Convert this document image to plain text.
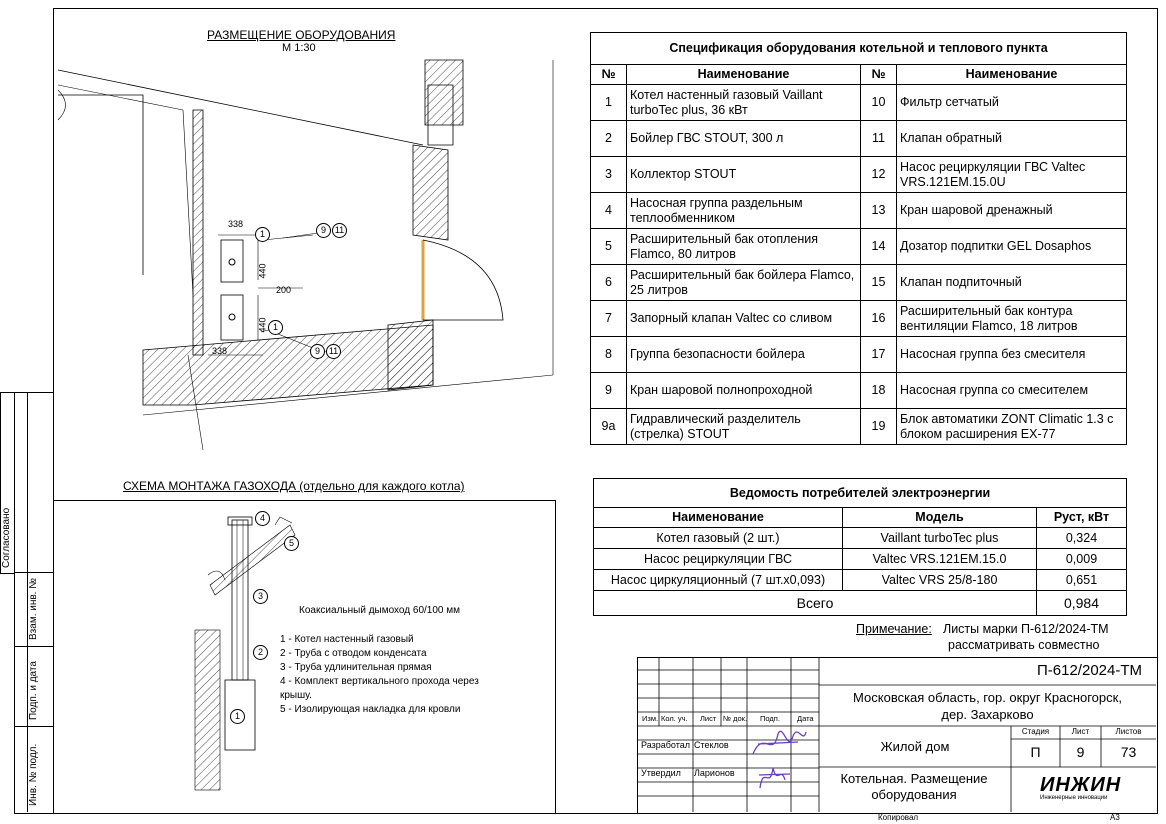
Согласовано
Взам. инв. №
Подп. и дата
Инв. № подл.
РАЗМЕЩЕНИЕ ОБОРУДОВАНИЯ
М 1:30
338
440
200
440
338
1	9 11
1
9 11
СХЕМА МОНТАЖА ГАЗОХОДА (отдельно для каждого котла)
4
5
3
2
1
Коаксиальный дымоход 60/100 мм
1 - Котел настенный газовый
2 - Труба с отводом конденсата
3 - Труба удлинительная прямая
4 - Комплект вертикального прохода через крышу.
5 - Изолирующая накладка для кровли
Спецификация оборудования котельной и теплового пункта			
№	Наименование	№	Наименование
1	Котел настенный газовый Vaillant turboTec plus, 36 кВт	10	Фильтр сетчатый
2	Бойлер ГВС STOUT, 300 л	11	Клапан обратный
3	Коллектор STOUT	12	Насос рециркуляции ГВС Valtec VRS.121EM.15.0U
4	Насосная группа раздельным теплообменником	13	Кран шаровой дренажный
5	Расширительный бак отопления Flamco, 80 литров	14	Дозатор подпитки GEL Dosaphos
6	Расширительный бак бойлера Flamco, 25 литров	15	Клапан подпиточный
7	Запорный клапан Valtec со сливом	16	Расширительный бак контура вентиляции Flamco, 18 литров
8	Группа безопасности бойлера	17	Насосная группа без смесителя
9	Кран шаровой полнопроходной	18	Насосная группа со смесителем
9а	Гидравлический разделитель (стрелка) STOUT	19	Блок автоматики ZONT Climatic 1.3 с блоком расширения EX-77
Ведомость потребителей электроэнергии		
Наименование	Модель	Руст, кВт
Котел газовый (2 шт.)	Vaillant turboTec plus	0,324
Насос рециркуляции ГВС	Valtec VRS.121EM.15.0	0,009
Насос циркуляционный (7 шт.х0,093)	Valtec VRS 25/8-180	0,651
Всего		0,984
Примечание: Листы марки П-612/2024-ТМ
рассматривать совместно
Изм. Кол. уч. Лист № док. Подп. Дата
Разработал Стеклов
Утвердил Ларионов
П-612/2024-ТМ
Московская область, гор. округ Красногорск, дер. Захарково
Жилой дом
Стадия	Лист	Листов
П	9	73
Котельная. Размещение оборудования	ИНЖИН
Инженерные инновации
Копировал	А3
